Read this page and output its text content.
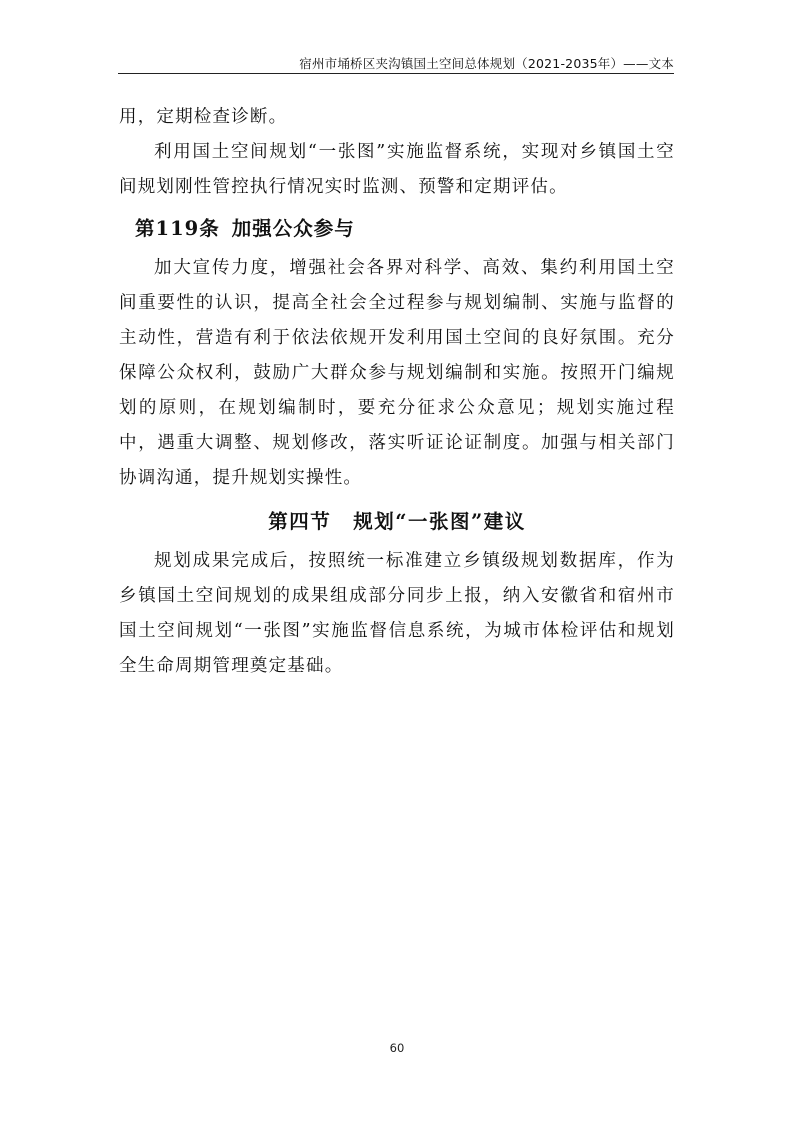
宿州市埇桥区夹沟镇国土空间总体规划（2021-2035年）——文本

用，定期检查诊断。

利用国土空间规划“一张图”实施监督系统，实现对乡镇国土空间规划刚性管控执行情况实时监测、预警和定期评估。

第119条 加强公众参与

加大宣传力度，增强社会各界对科学、高效、集约利用国土空间重要性的认识，提高全社会全过程参与规划编制、实施与监督的主动性，营造有利于依法依规开发利用国土空间的良好氛围。充分保障公众权利，鼓励广大群众参与规划编制和实施。按照开门编规划的原则，在规划编制时，要充分征求公众意见；规划实施过程中，遇重大调整、规划修改，落实听证论证制度。加强与相关部门协调沟通，提升规划实操性。

第四节 规划“一张图”建议

规划成果完成后，按照统一标准建立乡镇级规划数据库，作为乡镇国土空间规划的成果组成部分同步上报，纳入安徽省和宿州市国土空间规划“一张图”实施监督信息系统，为城市体检评估和规划全生命周期管理奠定基础。

60
